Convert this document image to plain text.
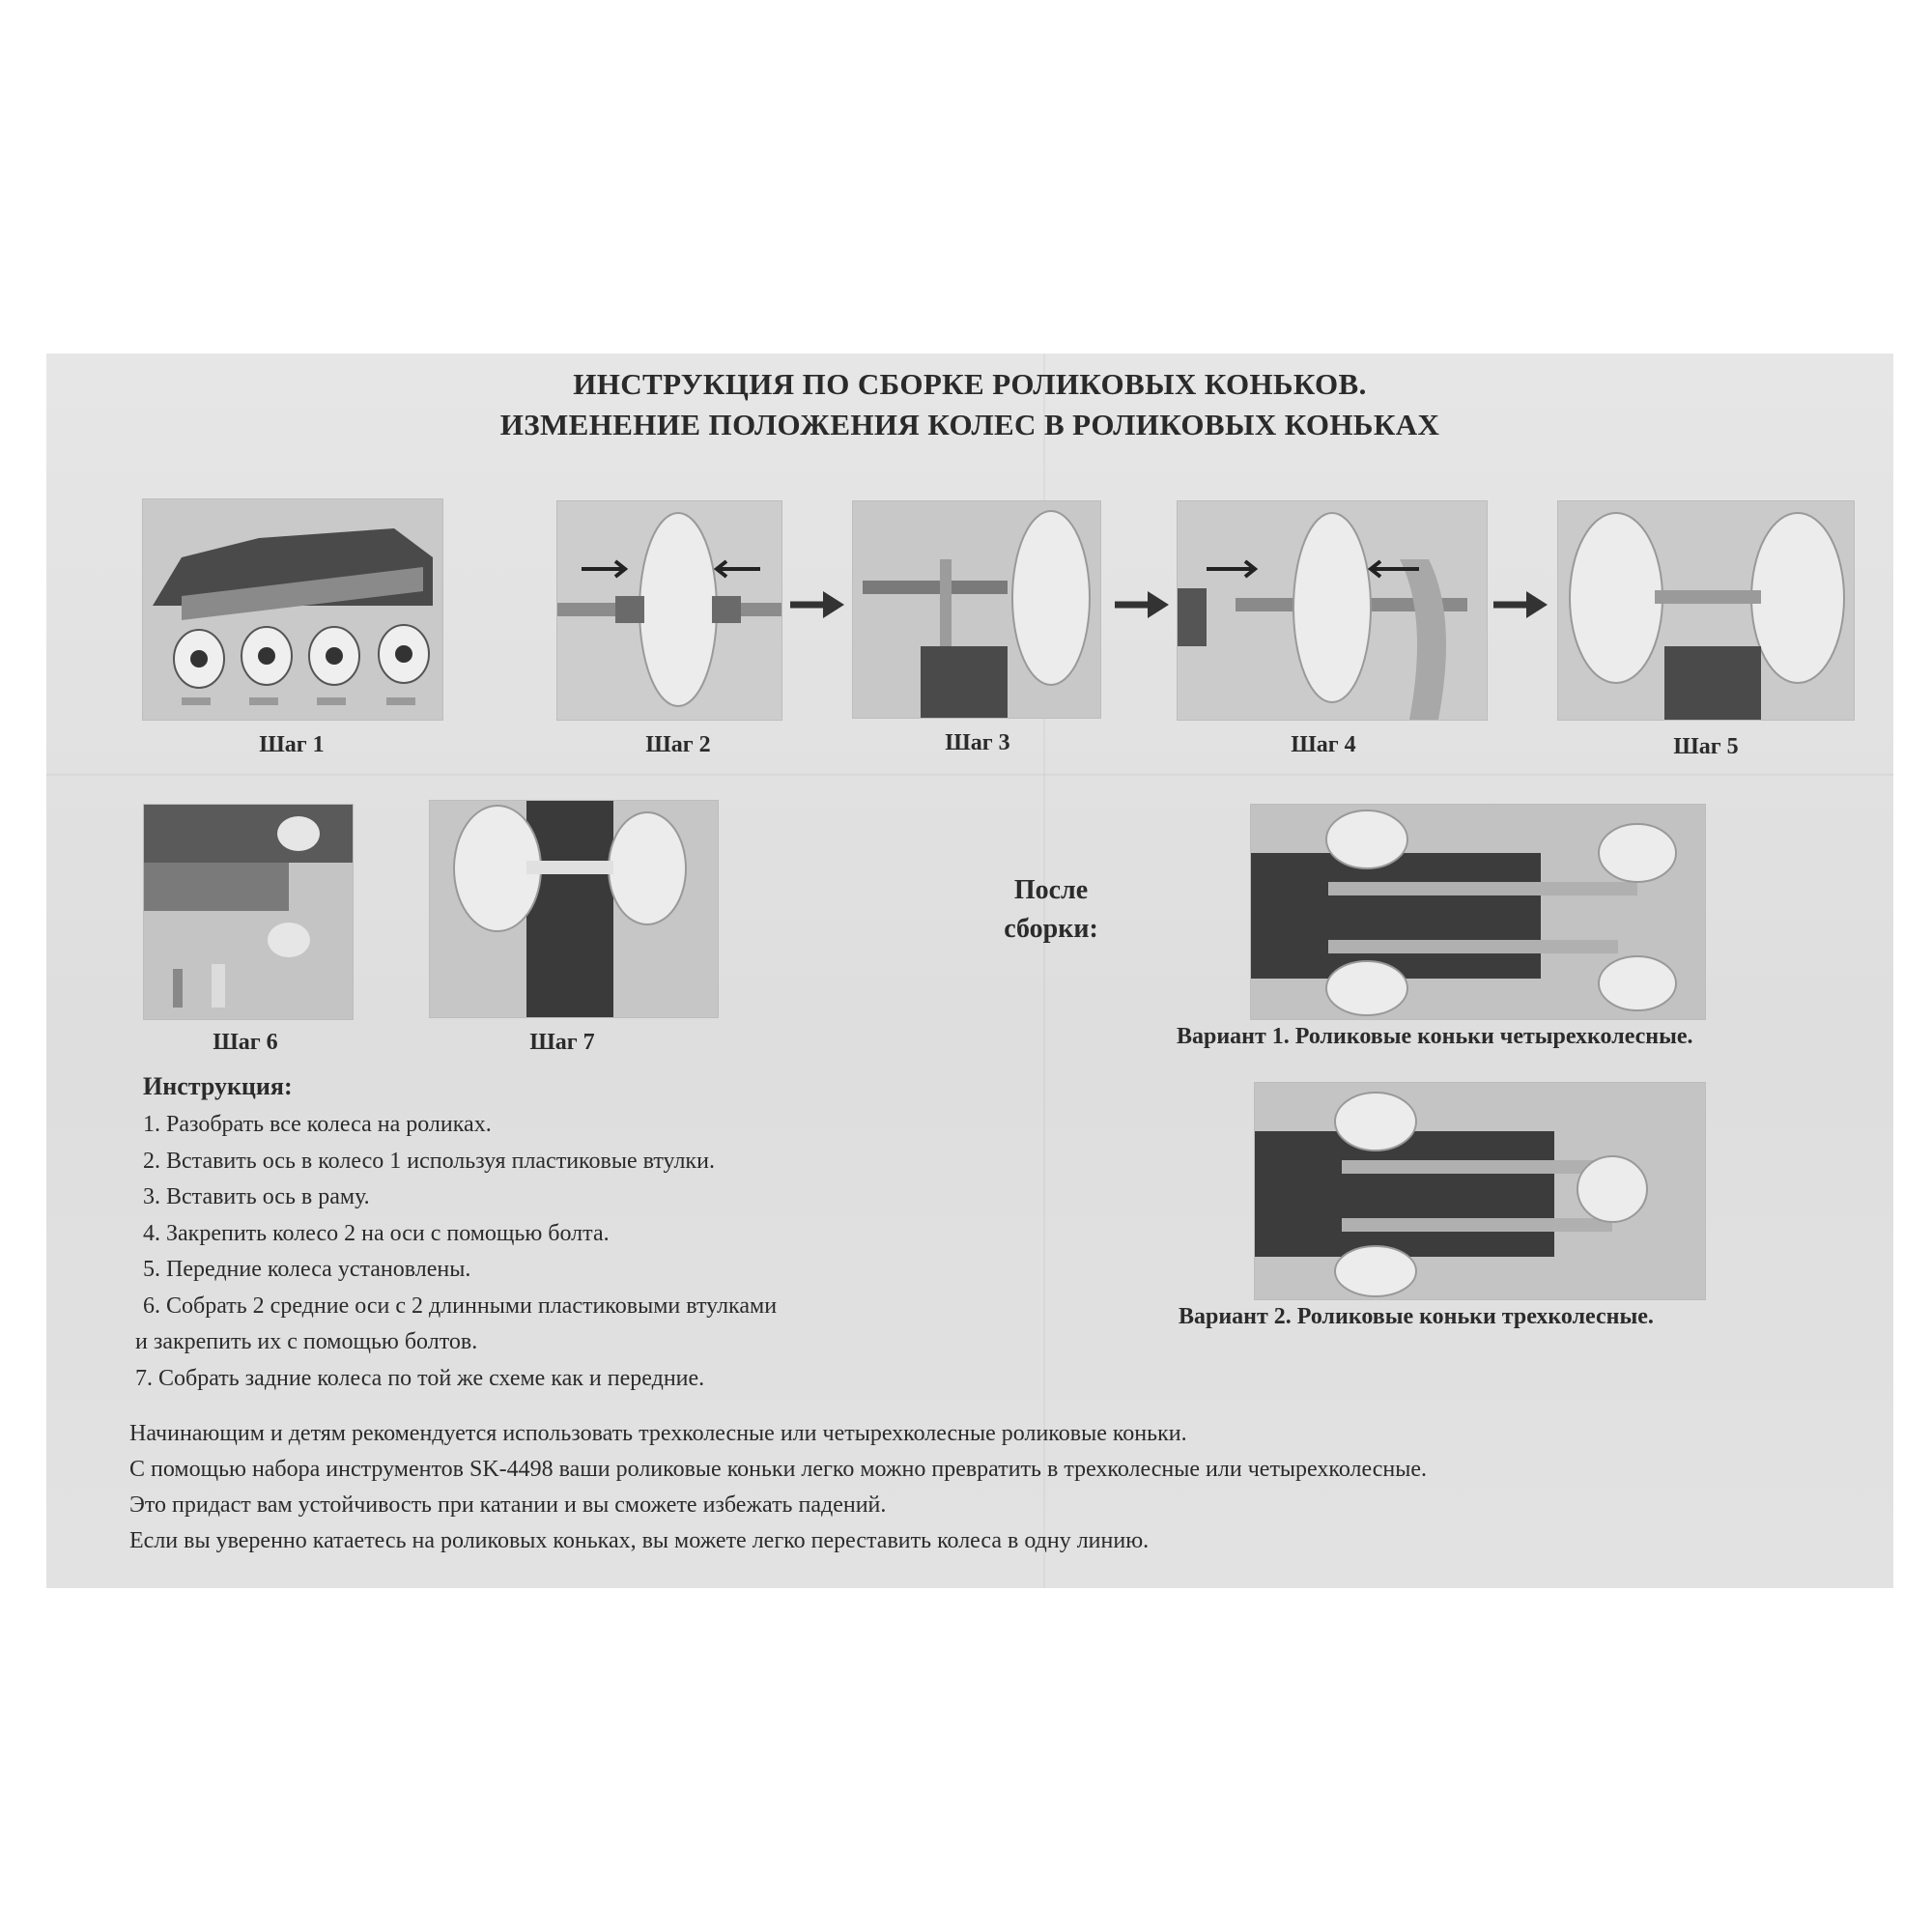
ИНСТРУКЦИЯ ПО СБОРКЕ РОЛИКОВЫХ КОНЬКОВ.
ИЗМЕНЕНИЕ ПОЛОЖЕНИЯ КОЛЕС В РОЛИКОВЫХ КОНЬКАХ
Шаг 1	Шаг 2	Шаг 3	Шаг 4	Шаг 5
Шаг 6	Шаг 7
После
сборки:
Вариант 1. Роликовые коньки четырехколесные.
Вариант 2. Роликовые коньки трехколесные.
Инструкция:
1. Разобрать все колеса на роликах.
2. Вставить ось в колесо 1 используя пластиковые втулки.
3. Вставить ось в раму.
4. Закрепить колесо 2 на оси с помощью болта.
5. Передние колеса установлены.
6. Собрать 2 средние оси с 2 длинными пластиковыми втулками
и закрепить их с помощью болтов.
7. Собрать задние колеса по той же схеме как и передние.
Начинающим и детям рекомендуется использовать трехколесные или четырехколесные роликовые коньки.
С помощью набора инструментов SK-4498 ваши роликовые коньки легко можно превратить в трехколесные или четырехколесные.
Это придаст вам устойчивость при катании и вы сможете избежать падений.
Если вы уверенно катаетесь на роликовых коньках, вы можете легко переставить колеса в одну линию.
